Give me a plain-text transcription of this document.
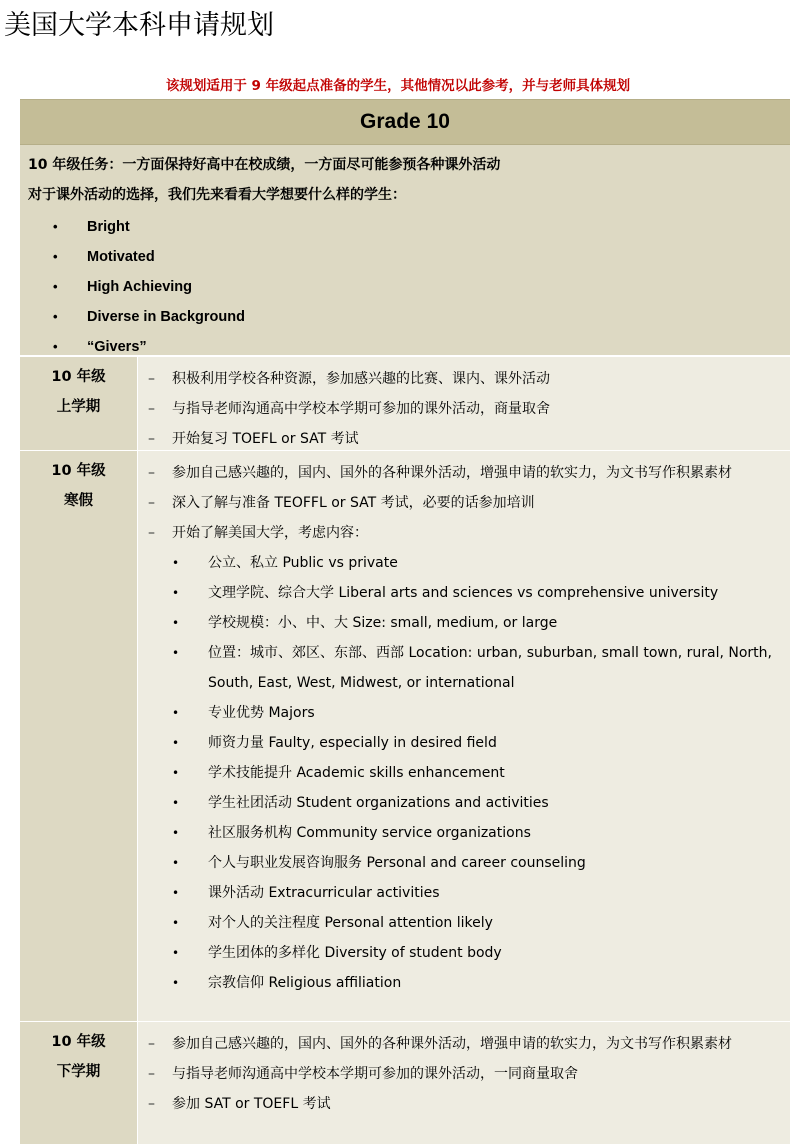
美国大学本科申请规划
该规划适用于 9 年级起点准备的学生，其他情况以此参考，并与老师具体规划
Grade 10
10 年级任务：一方面保持好高中在校成绩，一方面尽可能参预各种课外活动
对于课外活动的选择，我们先来看看大学想要什么样的学生：
• Bright
• Motivated
• High Achieving
• Diverse in Background
• “Givers”
10 年级
上学期
– 积极利用学校各种资源，参加感兴趣的比赛、课内、课外活动
– 与指导老师沟通高中学校本学期可参加的课外活动，商量取舍
– 开始复习 TOEFL or SAT 考试
10 年级
寒假
– 参加自己感兴趣的，国内、国外的各种课外活动，增强申请的软实力，为文书写作积累素材
– 深入了解与准备 TEOFFL or SAT 考试，必要的话参加培训
– 开始了解美国大学，考虑内容：
• 公立、私立 Public vs private
• 文理学院、综合大学 Liberal arts and sciences vs comprehensive university
• 学校规模：小、中、大 Size: small, medium, or large
• 位置：城市、郊区、东部、西部 Location: urban, suburban, small town, rural, North, South, East, West, Midwest, or international
• 专业优势 Majors
• 师资力量 Faulty, especially in desired field
• 学术技能提升 Academic skills enhancement
• 学生社团活动 Student organizations and activities
• 社区服务机构 Community service organizations
• 个人与职业发展咨询服务 Personal and career counseling
• 课外活动 Extracurricular activities
• 对个人的关注程度 Personal attention likely
• 学生团体的多样化 Diversity of student body
• 宗教信仰 Religious affiliation
10 年级
下学期
– 参加自己感兴趣的，国内、国外的各种课外活动，增强申请的软实力，为文书写作积累素材
– 与指导老师沟通高中学校本学期可参加的课外活动，一同商量取舍
– 参加 SAT or TOEFL 考试
